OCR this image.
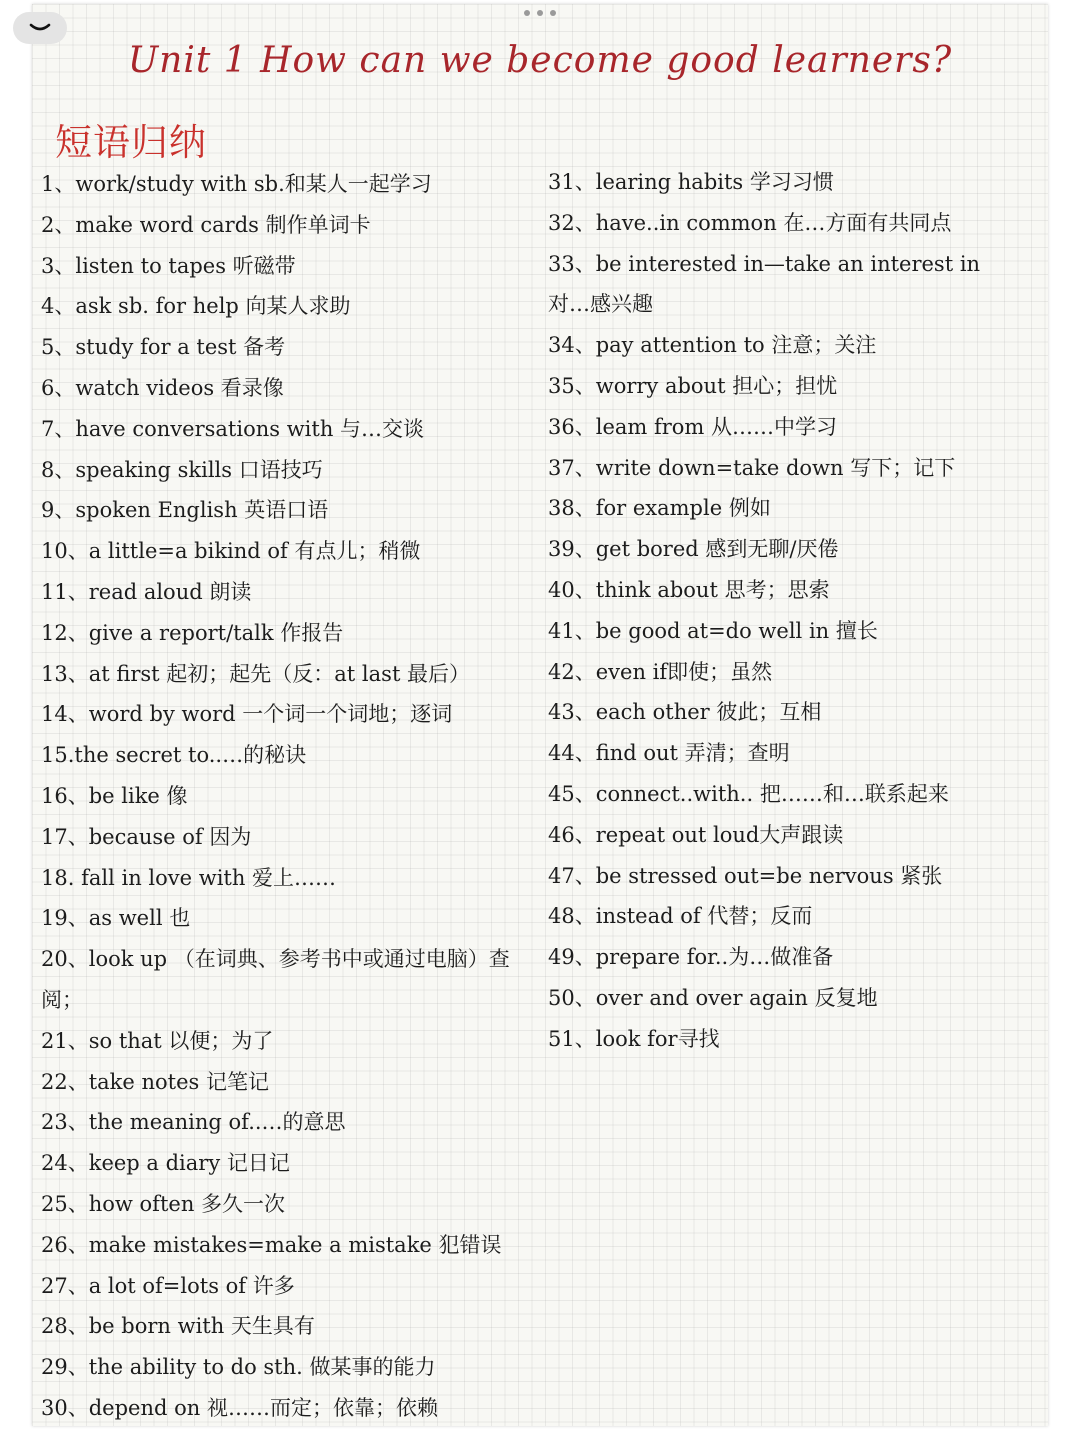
Unit 1 How can we become good learners?
短语归纳
1、work/study with sb.和某人一起学习
2、make word cards 制作单词卡
3、listen to tapes 听磁带
4、ask sb. for help 向某人求助
5、study for a test 备考
6、watch videos 看录像
7、have conversations with 与…交谈
8、speaking skills 口语技巧
9、spoken English 英语口语
10、a little=a bikind of 有点儿；稍微
11、read aloud 朗读
12、give a report/talk 作报告
13、at first 起初；起先（反：at last 最后）
14、word by word 一个词一个词地；逐词
15.the secret to..…的秘诀
16、be like 像
17、because of 因为
18. fall in love with 爱上……
19、as well 也
20、look up （在词典、参考书中或通过电脑）查阅；
21、so that 以便；为了
22、take notes 记笔记
23、the meaning of..…的意思
24、keep a diary 记日记
25、how often 多久一次
26、make mistakes=make a mistake 犯错误
27、a lot of=lots of 许多
28、be born with 天生具有
29、the ability to do sth. 做某事的能力
30、depend on 视……而定；依靠；依赖
31、learing habits 学习习惯
32、have..in common 在…方面有共同点
33、be interested in—take an interest in 对…感兴趣
34、pay attention to 注意；关注
35、worry about 担心；担忧
36、leam from 从……中学习
37、write down=take down 写下；记下
38、for example 例如
39、get bored 感到无聊/厌倦
40、think about 思考；思索
41、be good at=do well in 擅长
42、even if即使；虽然
43、each other 彼此；互相
44、find out 弄清；查明
45、connect..with.. 把……和…联系起来
46、repeat out loud大声跟读
47、be stressed out=be nervous 紧张
48、instead of 代替；反而
49、prepare for..为…做准备
50、over and over again 反复地
51、look for寻找
